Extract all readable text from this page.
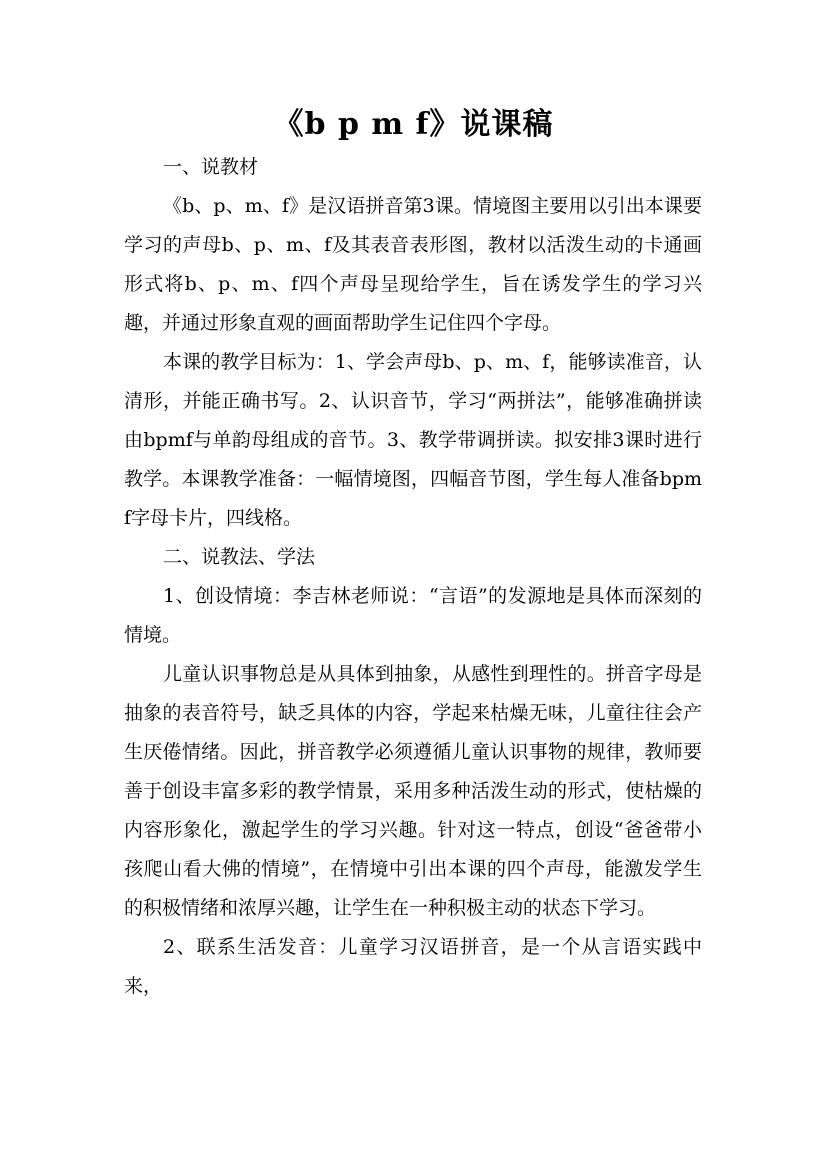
《b p m f》说课稿

一、说教材

《b、p、m、f》是汉语拼音第3课。情境图主要用以引出本课要学习的声母b、p、m、f及其表音表形图，教材以活泼生动的卡通画形式将b、p、m、f四个声母呈现给学生，旨在诱发学生的学习兴趣，并通过形象直观的画面帮助学生记住四个字母。

本课的教学目标为：1、学会声母b、p、m、f，能够读准音，认清形，并能正确书写。2、认识音节，学习“两拼法”，能够准确拼读由bpmf与单韵母组成的音节。3、教学带调拼读。拟安排3课时进行教学。本课教学准备：一幅情境图，四幅音节图，学生每人准备bpmf字母卡片，四线格。

二、说教法、学法

1、创设情境：李吉林老师说：“言语”的发源地是具体而深刻的情境。

儿童认识事物总是从具体到抽象，从感性到理性的。拼音字母是抽象的表音符号，缺乏具体的内容，学起来枯燥无味，儿童往往会产生厌倦情绪。因此，拼音教学必须遵循儿童认识事物的规律，教师要善于创设丰富多彩的教学情景，采用多种活泼生动的形式，使枯燥的内容形象化，激起学生的学习兴趣。针对这一特点，创设“爸爸带小孩爬山看大佛的情境”，在情境中引出本课的四个声母，能激发学生的积极情绪和浓厚兴趣，让学生在一种积极主动的状态下学习。

2、联系生活发音：儿童学习汉语拼音，是一个从言语实践中来，
